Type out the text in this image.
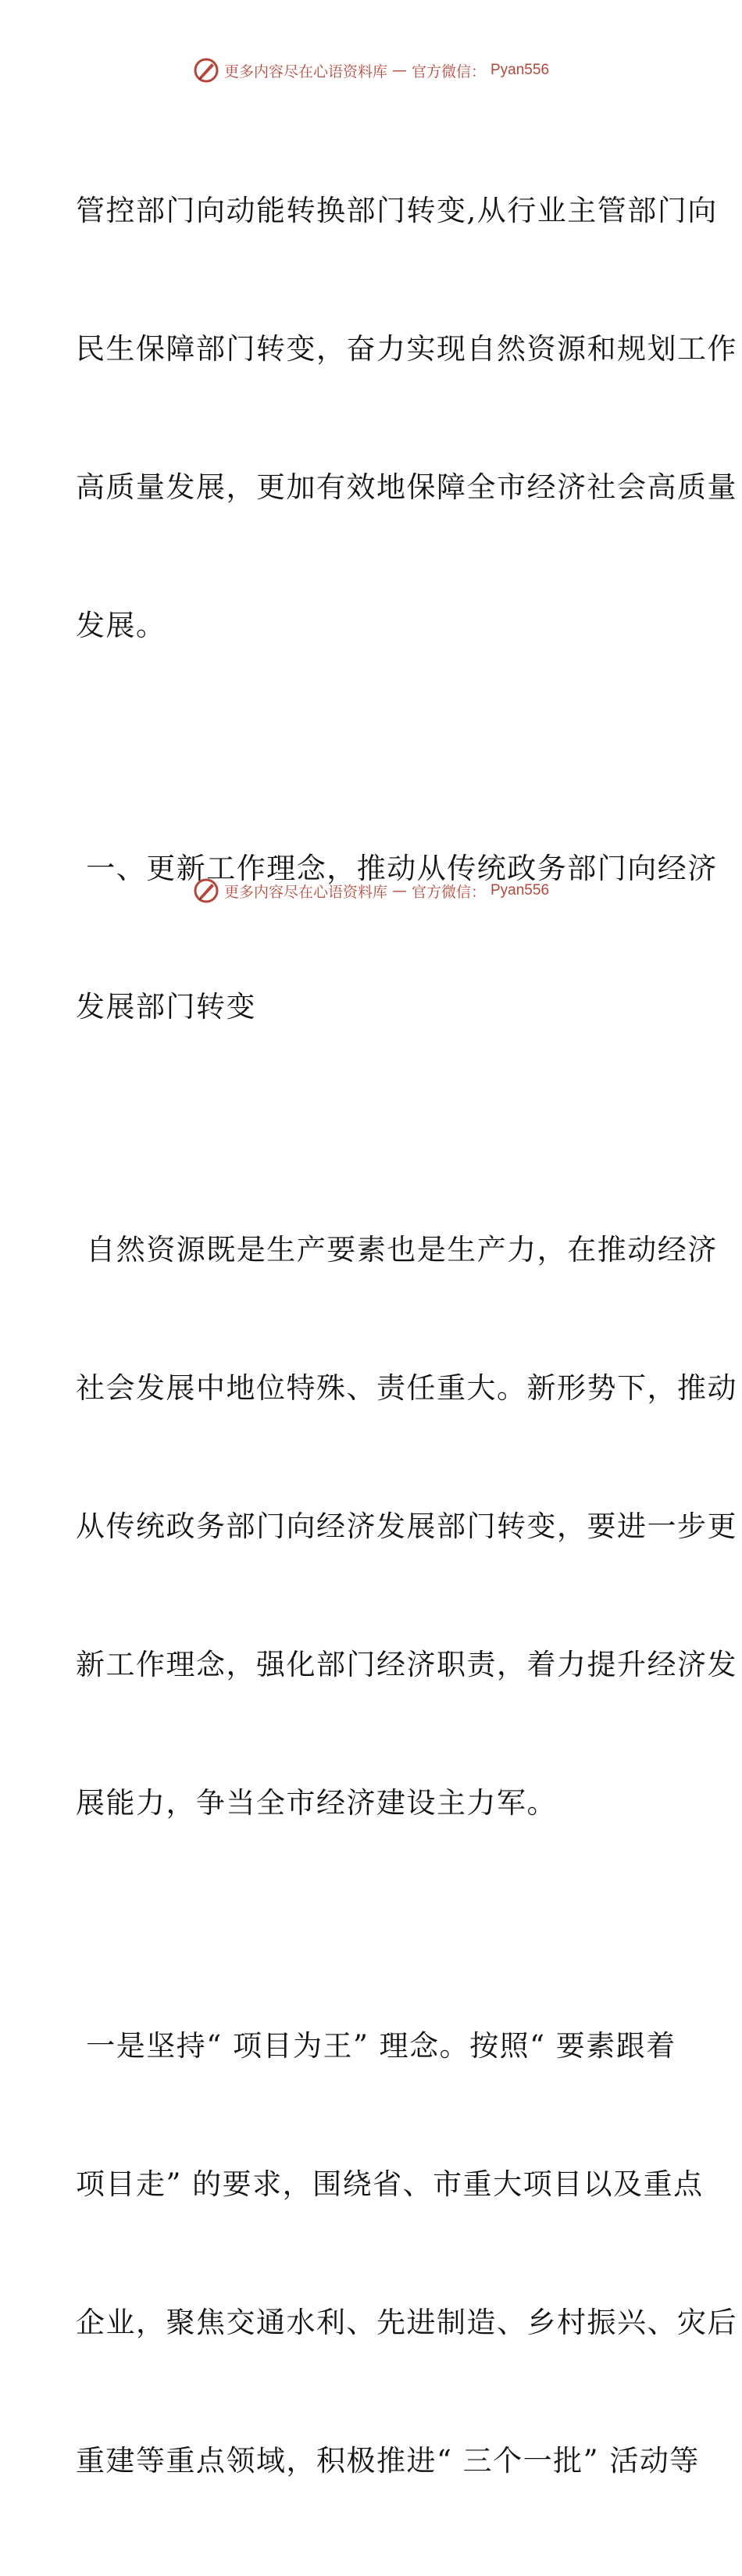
更多内容尽在心语资料库 — 官方微信： Pyan556

管控部门向动能转换部门转变,从行业主管部门向

民生保障部门转变，奋力实现自然资源和规划工作

高质量发展，更加有效地保障全市经济社会高质量

发展。

一、更新工作理念，推动从传统政务部门向经济

发展部门转变

自然资源既是生产要素也是生产力，在推动经济

社会发展中地位特殊、责任重大。新形势下，推动

从传统政务部门向经济发展部门转变，要进一步更

新工作理念，强化部门经济职责，着力提升经济发

展能力，争当全市经济建设主力军。

一是坚持“ 项目为王” 理念。按照“ 要素跟着

项目走” 的要求，围绕省、市重大项目以及重点

企业，聚焦交通水利、先进制造、乡村振兴、灾后

重建等重点领域，积极推进“ 三个一批” 活动等

更多内容尽在心语资料库 — 官方微信： Pyan556
